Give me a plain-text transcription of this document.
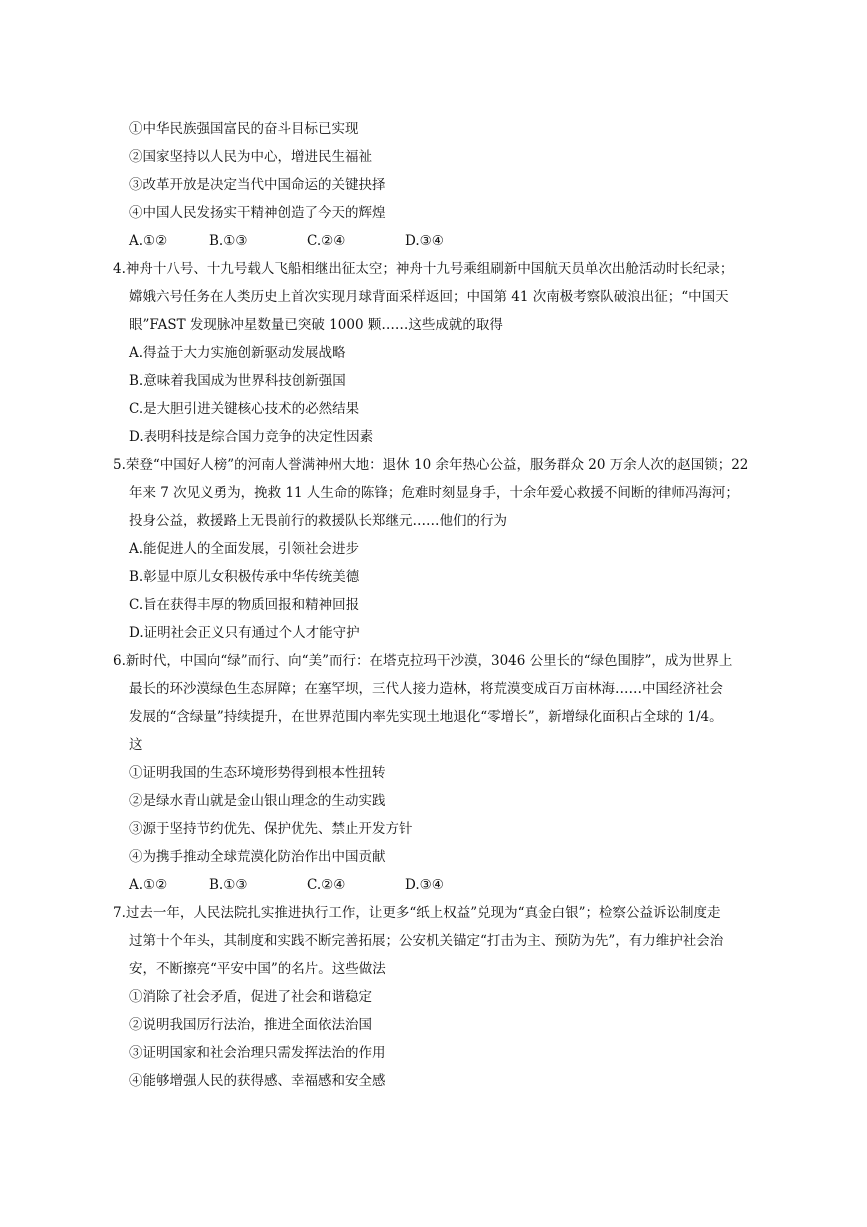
①中华民族强国富民的奋斗目标已实现
②国家坚持以人民为中心，增进民生福祉
③改革开放是决定当代中国命运的关键抉择
④中国人民发扬实干精神创造了今天的辉煌
A.①②	B.①③	C.②④	D.③④
4.神舟十八号、十九号载人飞船相继出征太空；神舟十九号乘组刷新中国航天员单次出舱活动时长纪录；
嫦娥六号任务在人类历史上首次实现月球背面采样返回；中国第 41 次南极考察队破浪出征；“中国天
眼”FAST 发现脉冲星数量已突破 1000 颗……这些成就的取得
A.得益于大力实施创新驱动发展战略
B.意味着我国成为世界科技创新强国
C.是大胆引进关键核心技术的必然结果
D.表明科技是综合国力竞争的决定性因素
5.荣登“中国好人榜”的河南人誉满神州大地：退休 10 余年热心公益，服务群众 20 万余人次的赵国锁；22
年来 7 次见义勇为，挽救 11 人生命的陈锋；危难时刻显身手，十余年爱心救援不间断的律师冯海河；
投身公益，救援路上无畏前行的救援队长郑继元……他们的行为
A.能促进人的全面发展，引领社会进步
B.彰显中原儿女积极传承中华传统美德
C.旨在获得丰厚的物质回报和精神回报
D.证明社会正义只有通过个人才能守护
6.新时代，中国向“绿”而行、向“美”而行：在塔克拉玛干沙漠，3046 公里长的“绿色围脖”，成为世界上
最长的环沙漠绿色生态屏障；在塞罕坝，三代人接力造林，将荒漠变成百万亩林海……中国经济社会
发展的“含绿量”持续提升，在世界范围内率先实现土地退化“零增长”，新增绿化面积占全球的 1/4。
这
①证明我国的生态环境形势得到根本性扭转
②是绿水青山就是金山银山理念的生动实践
③源于坚持节约优先、保护优先、禁止开发方针
④为携手推动全球荒漠化防治作出中国贡献
A.①②	B.①③	C.②④	D.③④
7.过去一年，人民法院扎实推进执行工作，让更多“纸上权益”兑现为“真金白银”；检察公益诉讼制度走
过第十个年头，其制度和实践不断完善拓展；公安机关锚定“打击为主、预防为先”，有力维护社会治
安，不断擦亮“平安中国”的名片。这些做法
①消除了社会矛盾，促进了社会和谐稳定
②说明我国厉行法治，推进全面依法治国
③证明国家和社会治理只需发挥法治的作用
④能够增强人民的获得感、幸福感和安全感
